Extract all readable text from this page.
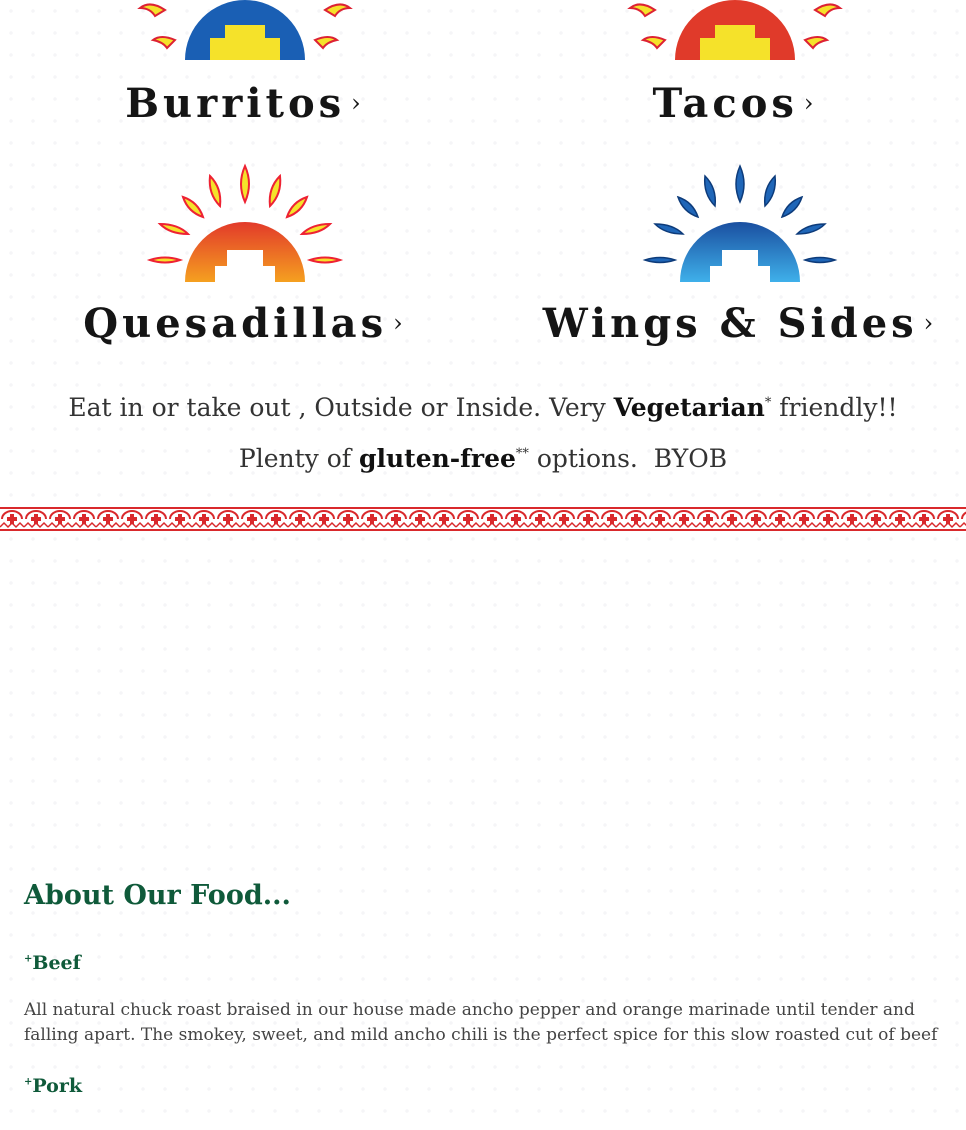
Burritos ›	Tacos ›
Quesadillas ›	Wings & Sides ›
Eat in or take out , Outside or Inside. Very Vegetarian* friendly!!
Plenty of gluten-free** options.  BYOB
About Our Food...
+Beef
All natural chuck roast braised in our house made ancho pepper and orange marinade until tender and falling apart. The smokey, sweet, and mild ancho chili is the perfect spice for this slow roasted cut of beef
+Pork
